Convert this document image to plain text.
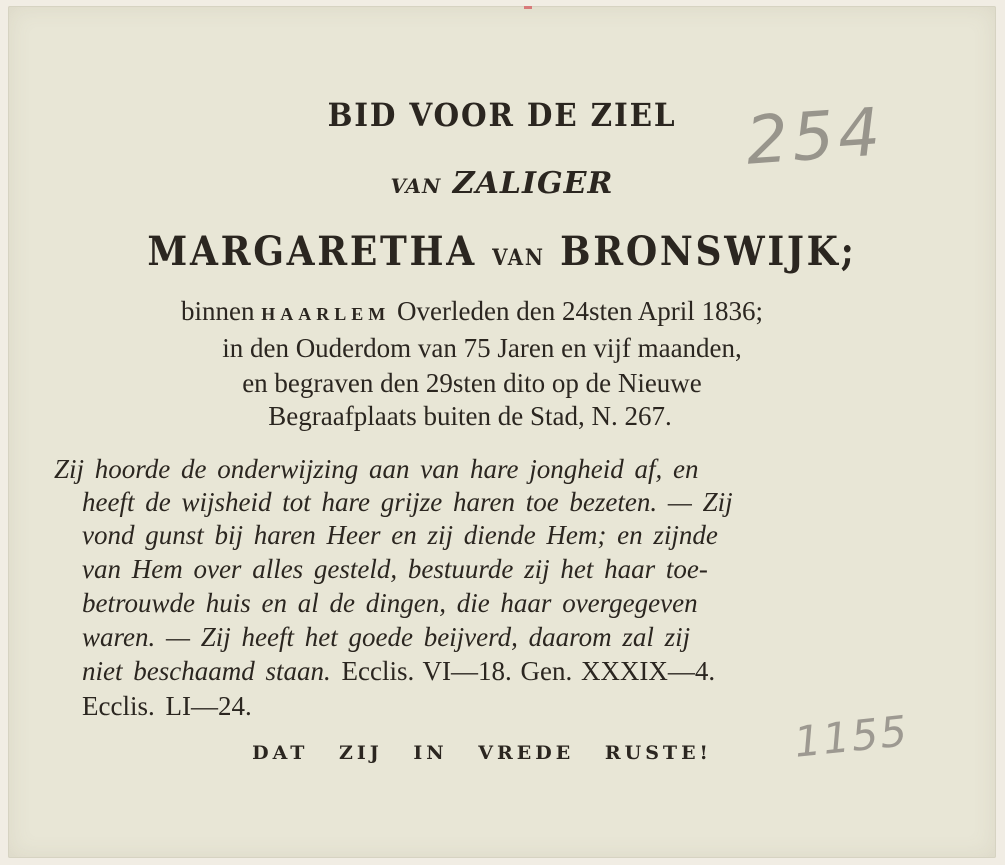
BID VOOR DE ZIEL
VAN ZALIGER
MARGARETHA VAN BRONSWIJK;
binnen HAARLEM Overleden den 24sten April 1836;
in den Ouderdom van 75 Jaren en vijf maanden,
en begraven den 29sten dito op de Nieuwe
Begraafplaats buiten de Stad, N. 267.
Zij hoorde de onderwijzing aan van hare jongheid af, en
heeft de wijsheid tot hare grijze haren toe bezeten. — Zij
vond gunst bij haren Heer en zij diende Hem; en zijnde
van Hem over alles gesteld, bestuurde zij het haar toe-
betrouwde huis en al de dingen, die haar overgegeven
waren. — Zij heeft het goede beijverd, daarom zal zij
niet beschaamd staan. Ecclis. VI—18. Gen. XXXIX—4.
Ecclis. LI—24.
DAT ZIJ IN VREDE RUSTE!
254
1155
